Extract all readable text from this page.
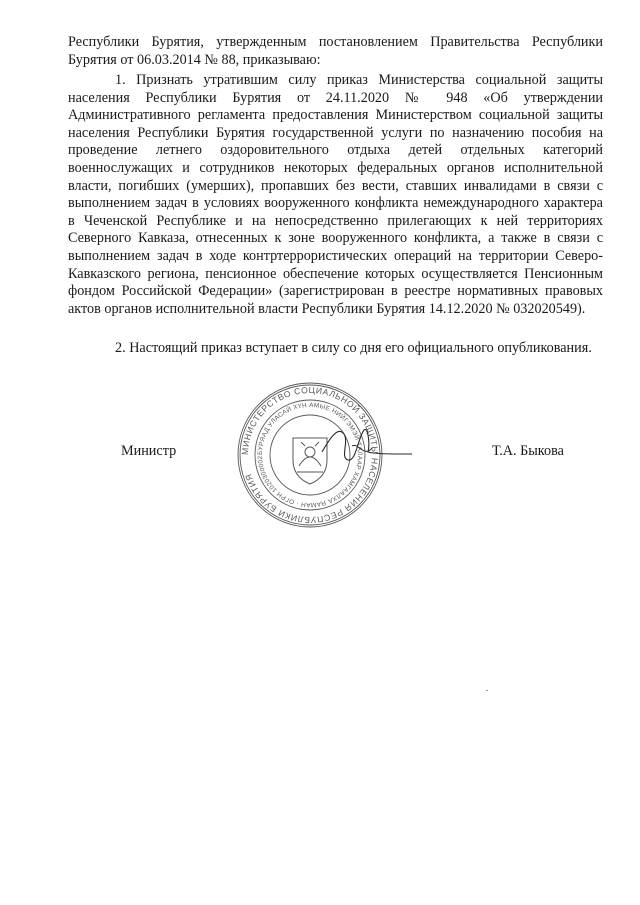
Республики Бурятия, утвержденным постановлением Правительства Республики Бурятия от 06.03.2014 № 88, приказываю:
1. Признать утратившим силу приказ Министерства социальной защиты населения Республики Бурятия от 24.11.2020 № 948 «Об утверждении Административного регламента предоставления Министерством социальной защиты населения Республики Бурятия государственной услуги по назначению пособия на проведение летнего оздоровительного отдыха детей отдельных категорий военнослужащих и сотрудников некоторых федеральных органов исполнительной власти, погибших (умерших), пропавших без вести, ставших инвалидами в связи с выполнением задач в условиях вооруженного конфликта немеждународного характера в Чеченской Республике и на непосредственно прилегающих к ней территориях Северного Кавказа, отнесенных к зоне вооруженного конфликта, а также в связи с выполнением задач в ходе контртеррористических операций на территории Северо-Кавказского региона, пенсионное обеспечение которых осуществляется Пенсионным фондом Российской Федерации» (зарегистрирован в реестре нормативных правовых актов органов исполнительной власти Республики Бурятия 14.12.2020 № 032020549).
2. Настоящий приказ вступает в силу со дня его официального опубликования.
Министр	Т.А. Быкова
МИНИСТЕРСТВО СОЦИАЛЬНОЙ ЗАЩИТЫ НАСЕЛЕНИЯ РЕСПУБЛИКИ БУРЯТИЯ
БУРЯАД УЛАСАЙ ХҮН АМЫЕ НИЙГЭМЭЙ ТАЛААР ХАМГААЛХА ЯАМАН · ОГРН 1020300002
